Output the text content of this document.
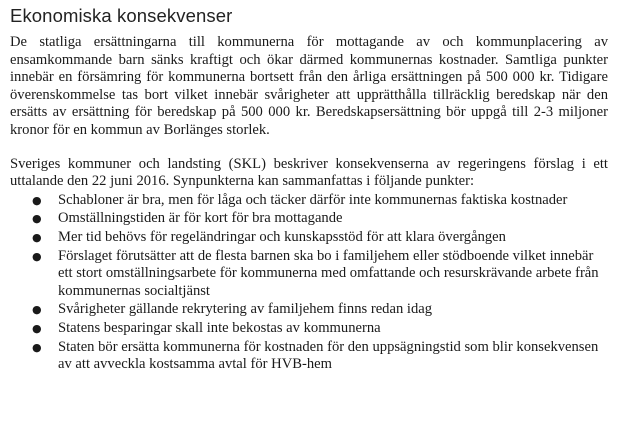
Ekonomiska konsekvenser

De statliga ersättningarna till kommunerna för mottagande av och kommunplacering av ensamkommande barn sänks kraftigt och ökar därmed kommunernas kostnader. Samtliga punkter innebär en försämring för kommunerna bortsett från den årliga ersättningen på 500 000 kr. Tidigare överenskommelse tas bort vilket innebär svårigheter att upprätthålla tillräcklig beredskap när den ersätts av ersättning för beredskap på 500 000 kr. Beredskapsersättning bör uppgå till 2-3 miljoner kronor för en kommun av Borlänges storlek.

Sveriges kommuner och landsting (SKL) beskriver konsekvenserna av regeringens förslag i ett uttalande den 22 juni 2016. Synpunkterna kan sammanfattas i följande punkter:

● Schabloner är bra, men för låga och täcker därför inte kommunernas faktiska kostnader
● Omställningstiden är för kort för bra mottagande
● Mer tid behövs för regeländringar och kunskapsstöd för att klara övergången
● Förslaget förutsätter att de flesta barnen ska bo i familjehem eller stödboende vilket innebär ett stort omställningsarbete för kommunerna med omfattande och resurskrävande arbete från kommunernas socialtjänst
● Svårigheter gällande rekrytering av familjehem finns redan idag
● Statens besparingar skall inte bekostas av kommunerna
● Staten bör ersätta kommunerna för kostnaden för den uppsägningstid som blir konsekvensen av att avveckla kostsamma avtal för HVB-hem
